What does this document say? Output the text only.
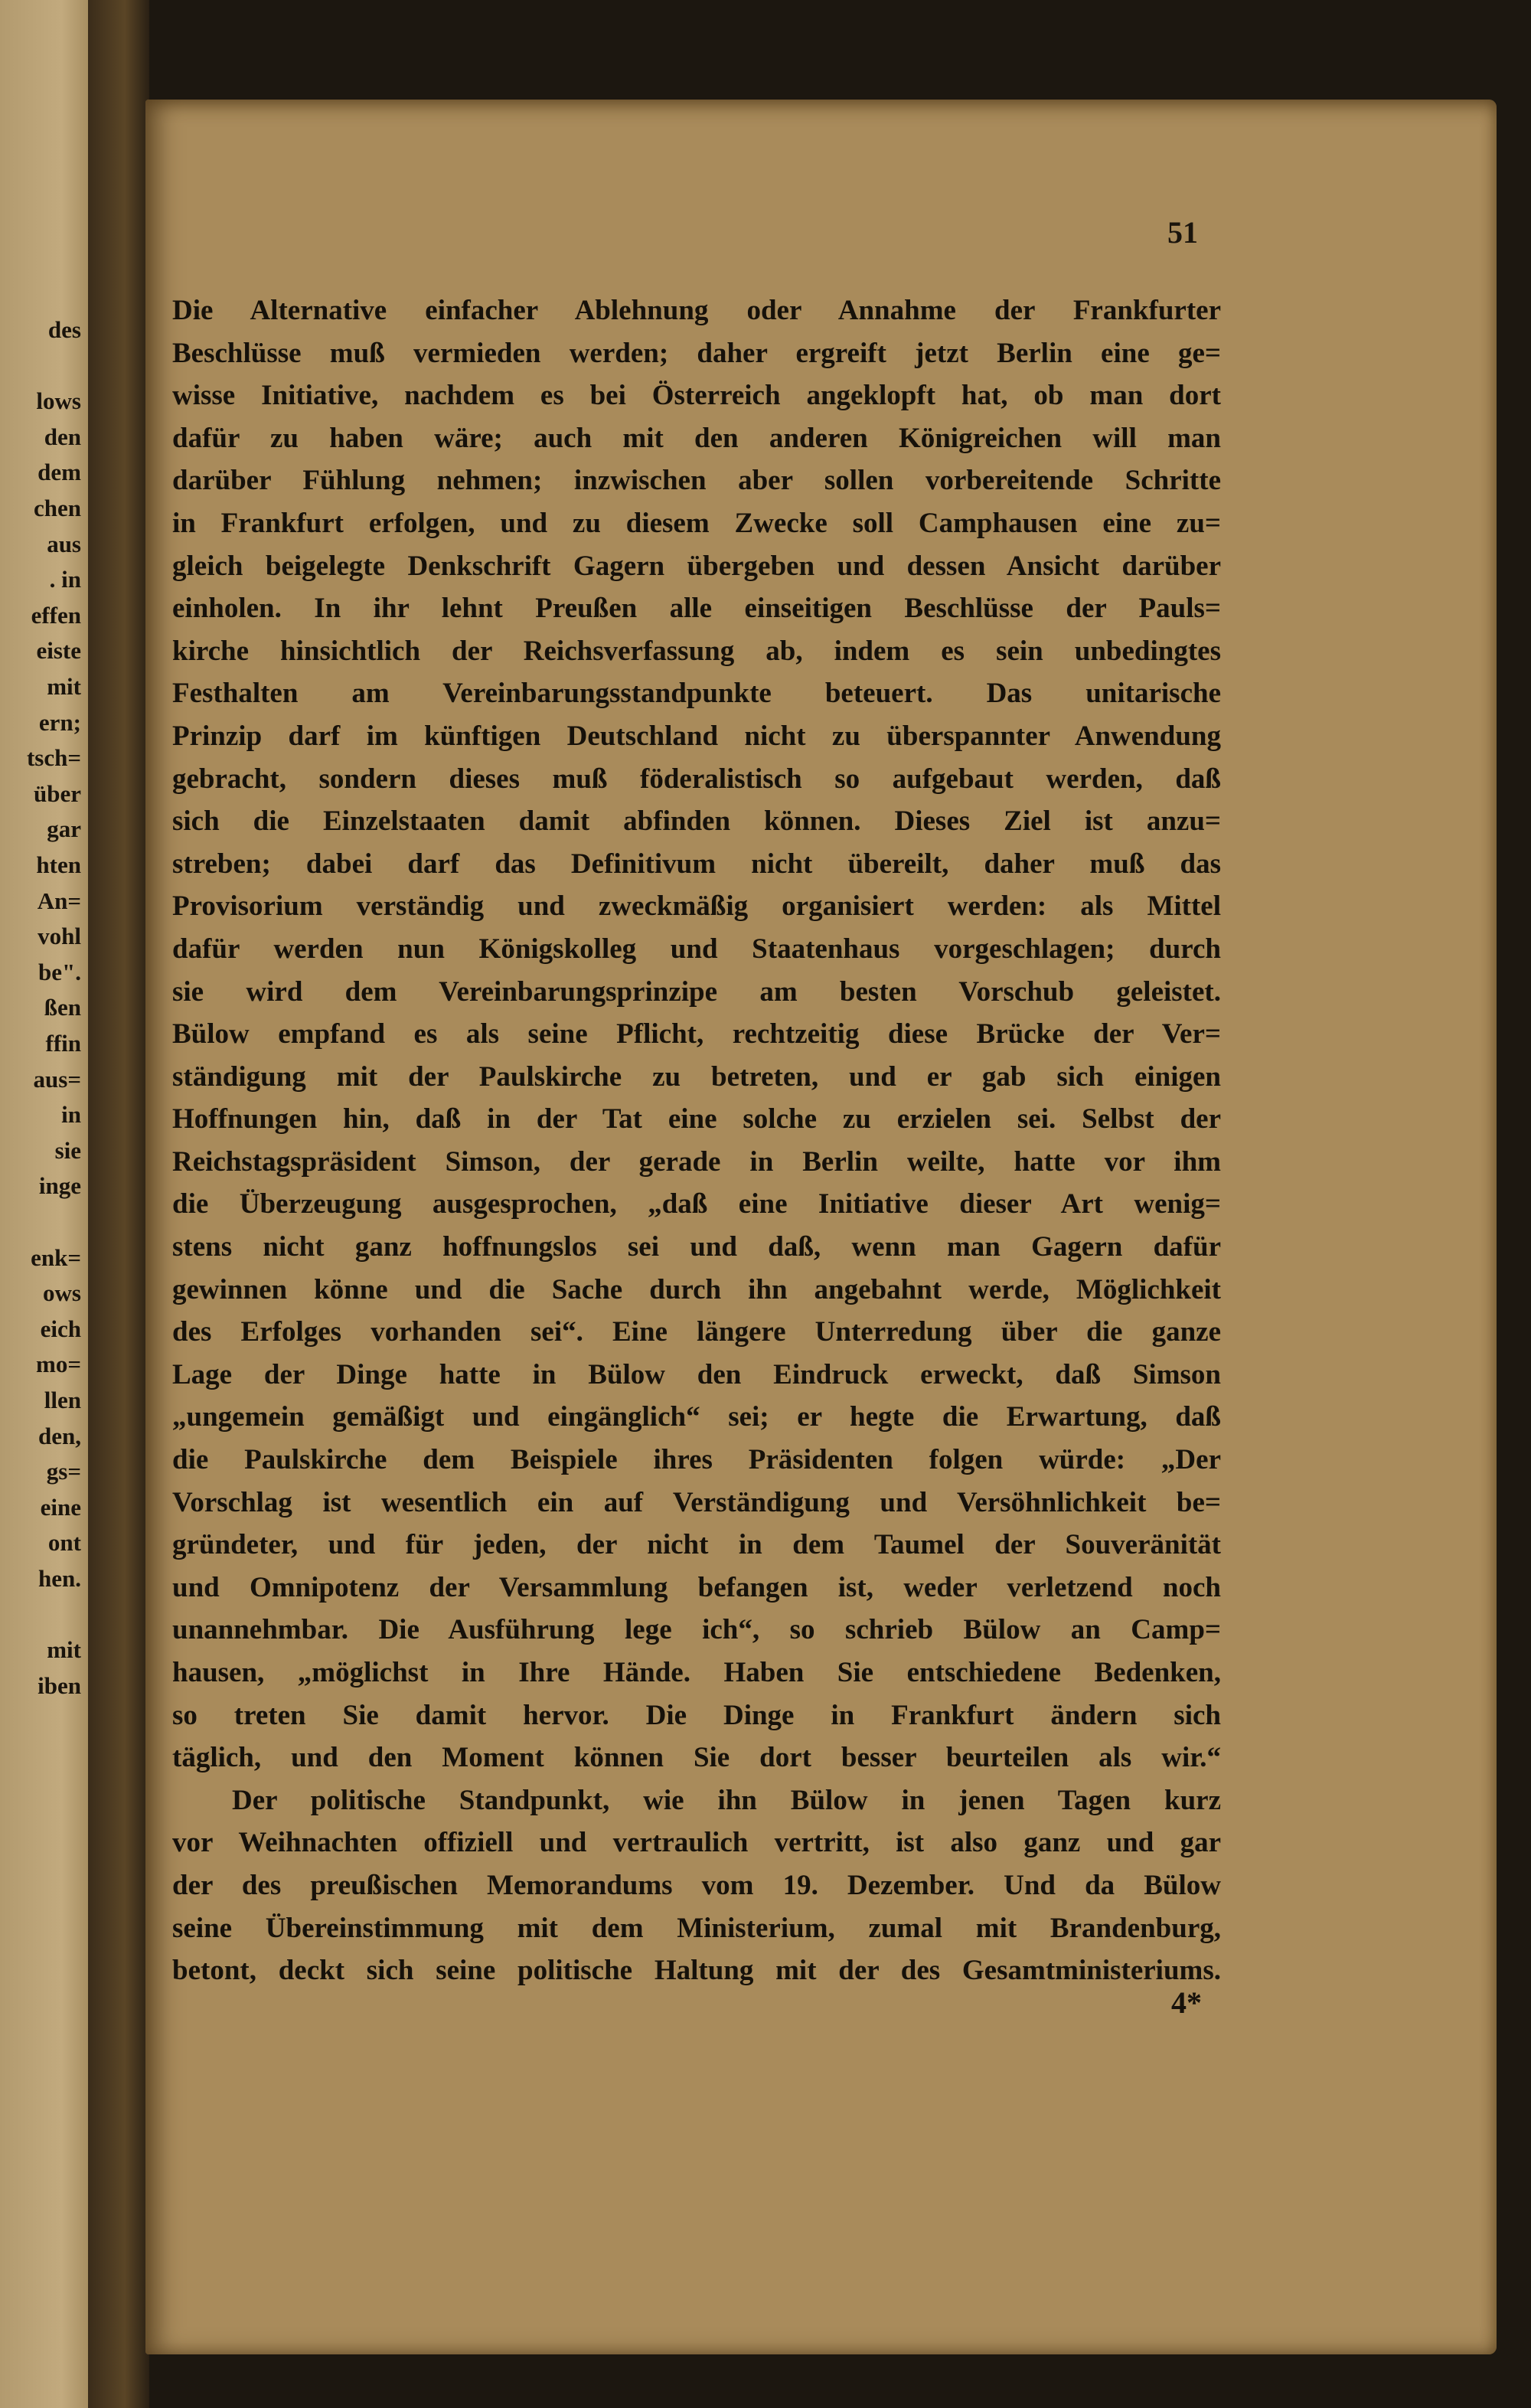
51
Die Alternative einfacher Ablehnung oder Annahme der Frankfurter
Beschlüsse muß vermieden werden; daher ergreift jetzt Berlin eine ge=
wisse Initiative, nachdem es bei Österreich angeklopft hat, ob man dort
dafür zu haben wäre; auch mit den anderen Königreichen will man
darüber Fühlung nehmen; inzwischen aber sollen vorbereitende Schritte
in Frankfurt erfolgen, und zu diesem Zwecke soll Camphausen eine zu=
gleich beigelegte Denkschrift Gagern übergeben und dessen Ansicht darüber
einholen. In ihr lehnt Preußen alle einseitigen Beschlüsse der Pauls=
kirche hinsichtlich der Reichsverfassung ab, indem es sein unbedingtes
Festhalten am Vereinbarungsstandpunkte beteuert. Das unitarische
Prinzip darf im künftigen Deutschland nicht zu überspannter Anwendung
gebracht, sondern dieses muß föderalistisch so aufgebaut werden, daß
sich die Einzelstaaten damit abfinden können. Dieses Ziel ist anzu=
streben; dabei darf das Definitivum nicht übereilt, daher muß das
Provisorium verständig und zweckmäßig organisiert werden: als Mittel
dafür werden nun Königskolleg und Staatenhaus vorgeschlagen; durch
sie wird dem Vereinbarungsprinzipe am besten Vorschub geleistet.
Bülow empfand es als seine Pflicht, rechtzeitig diese Brücke der Ver=
ständigung mit der Paulskirche zu betreten, und er gab sich einigen
Hoffnungen hin, daß in der Tat eine solche zu erzielen sei. Selbst der
Reichstagspräsident Simson, der gerade in Berlin weilte, hatte vor ihm
die Überzeugung ausgesprochen, „daß eine Initiative dieser Art wenig=
stens nicht ganz hoffnungslos sei und daß, wenn man Gagern dafür
gewinnen könne und die Sache durch ihn angebahnt werde, Möglichkeit
des Erfolges vorhanden sei“. Eine längere Unterredung über die ganze
Lage der Dinge hatte in Bülow den Eindruck erweckt, daß Simson
„ungemein gemäßigt und eingänglich“ sei; er hegte die Erwartung, daß
die Paulskirche dem Beispiele ihres Präsidenten folgen würde: „Der
Vorschlag ist wesentlich ein auf Verständigung und Versöhnlichkeit be=
gründeter, und für jeden, der nicht in dem Taumel der Souveränität
und Omnipotenz der Versammlung befangen ist, weder verletzend noch
unannehmbar. Die Ausführung lege ich“, so schrieb Bülow an Camp=
hausen, „möglichst in Ihre Hände. Haben Sie entschiedene Bedenken,
so treten Sie damit hervor. Die Dinge in Frankfurt ändern sich
täglich, und den Moment können Sie dort besser beurteilen als wir.“
Der politische Standpunkt, wie ihn Bülow in jenen Tagen kurz
vor Weihnachten offiziell und vertraulich vertritt, ist also ganz und gar
der des preußischen Memorandums vom 19. Dezember. Und da Bülow
seine Übereinstimmung mit dem Ministerium, zumal mit Brandenburg,
betont, deckt sich seine politische Haltung mit der des Gesamtministeriums.
4*
des
lows
den
dem
chen
aus
. in
effen
eiste
mit
ern;
tsch=
über
gar
hten
An=
vohl
be".
ßen
ffin
aus=
in
sie
inge
enk=
ows
eich
mo=
llen
den,
gs=
eine
ont
hen.
mit
iben
